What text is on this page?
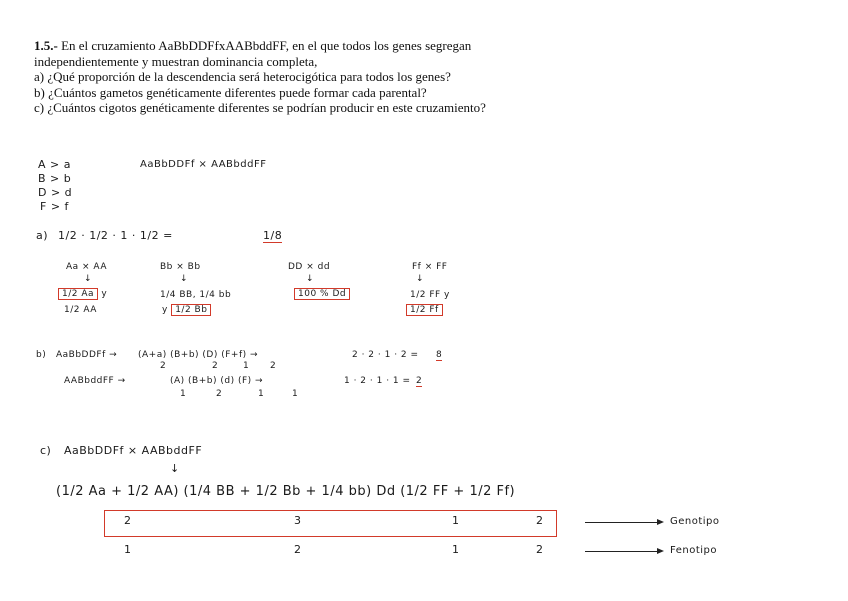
1.5.- En el cruzamiento AaBbDDFfxAABbddFF, en el que todos los genes segregan

independientemente y muestran dominancia completa,

a) ¿Qué proporción de la descendencia será heterocigótica para todos los genes?

b) ¿Cuántos gametos genéticamente diferentes puede formar cada parental?

c) ¿Cuántos cigotos genéticamente diferentes se podrían producir en este cruzamiento?

A > a
B > b
D > d
F > f
AaBbDDFf × AABbddFF
a) 1/2 · 1/2 · 1 · 1/2 =	1/8
Aa × AA
↓
1/2 Aa y
1/2 AA
Bb × Bb
↓
1/4 BB, 1/4 bb
y 1/2 Bb
DD × dd
↓
100 % Dd
Ff × FF
↓
1/2 FF y
1/2 Ff
b) AaBbDDFf → (A+a) (B+b) (D) (F+f) →	2 · 2 · 1 · 2 = 8
2	2	1 2
AABbddFF →	(A) (B+b) (d) (F) →	1 · 2 · 1 · 1 = 2
1	2	1	1
c) AaBbDDFf × AABbddFF
↓
(1/2 Aa + 1/2 AA) (1/4 BB + 1/2 Bb + 1/4 bb) Dd (1/2 FF + 1/2 Ff)
2	3	1	2	Genotipo
1	2	1	2	Fenotipo
